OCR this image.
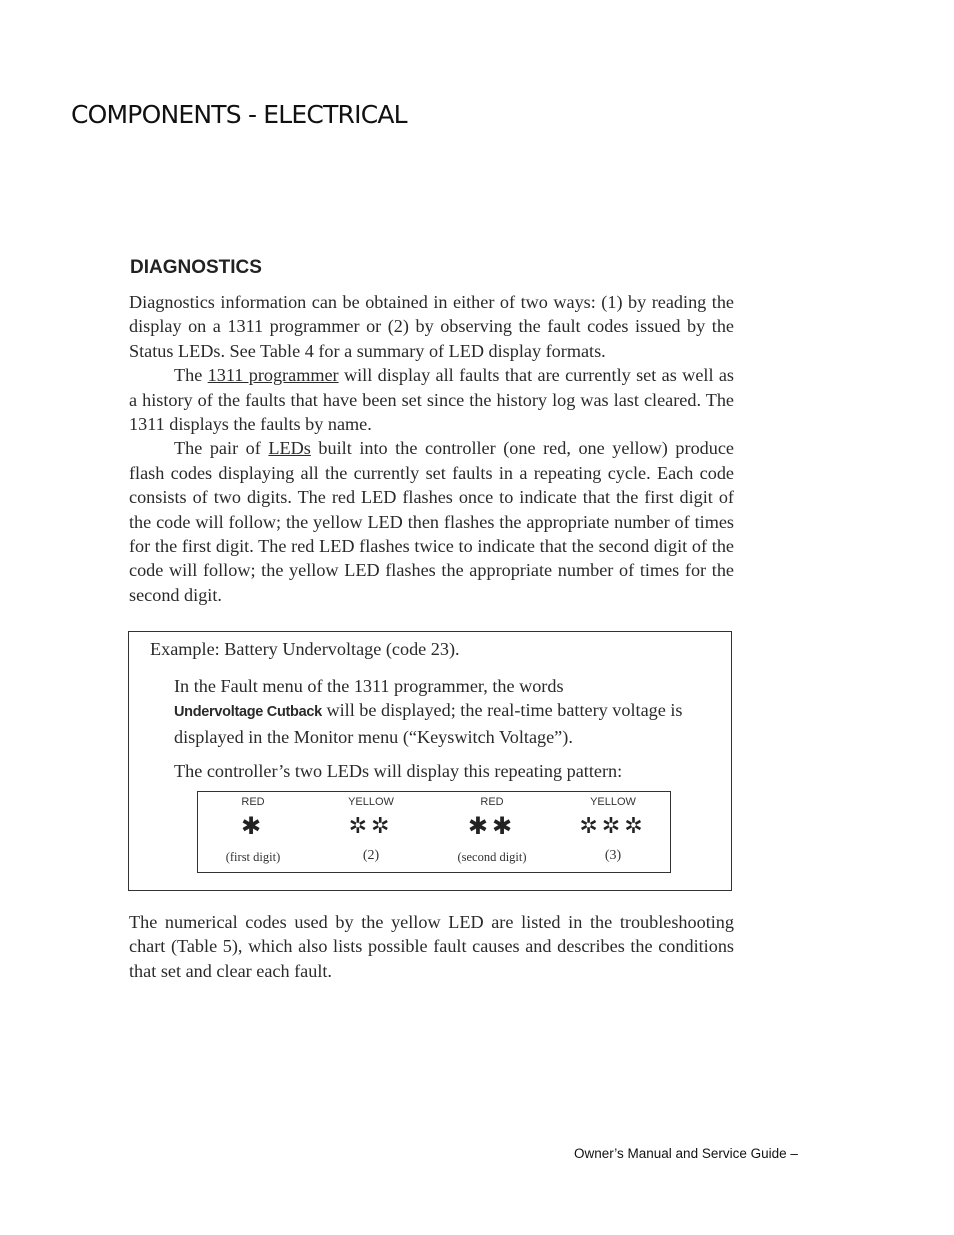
COMPONENTS - ELECTRICAL
DIAGNOSTICS

Diagnostics information can be obtained in either of two ways: (1) by reading the display on a 1311 programmer or (2) by observing the fault codes issued by the Status LEDs. See Table 4 for a summary of LED display formats.

The 1311 programmer will display all faults that are currently set as well as a history of the faults that have been set since the history log was last cleared. The 1311 displays the faults by name.

The pair of LEDs built into the controller (one red, one yellow) produce flash codes displaying all the currently set faults in a repeating cycle. Each code consists of two digits. The red LED flashes once to indicate that the first digit of the code will follow; the yellow LED then flashes the appropriate number of times for the first digit. The red LED flashes twice to indicate that the second digit of the code will follow; the yellow LED flashes the appropriate number of times for the second digit.

Example: Battery Undervoltage (code 23).

In the Fault menu of the 1311 programmer, the words
Undervoltage Cutback will be displayed; the real-time battery voltage is displayed in the Monitor menu (“Keyswitch Voltage”).

The controller’s two LEDs will display this repeating pattern:

RED
✱
(first digit)
YELLOW
✲✲
(2)
RED
✱✱
(second digit)
YELLOW
✲✲✲
(3)

The numerical codes used by the yellow LED are listed in the troubleshooting chart (Table 5), which also lists possible fault causes and describes the conditions that set and clear each fault.

Owner’s Manual and Service Guide –
